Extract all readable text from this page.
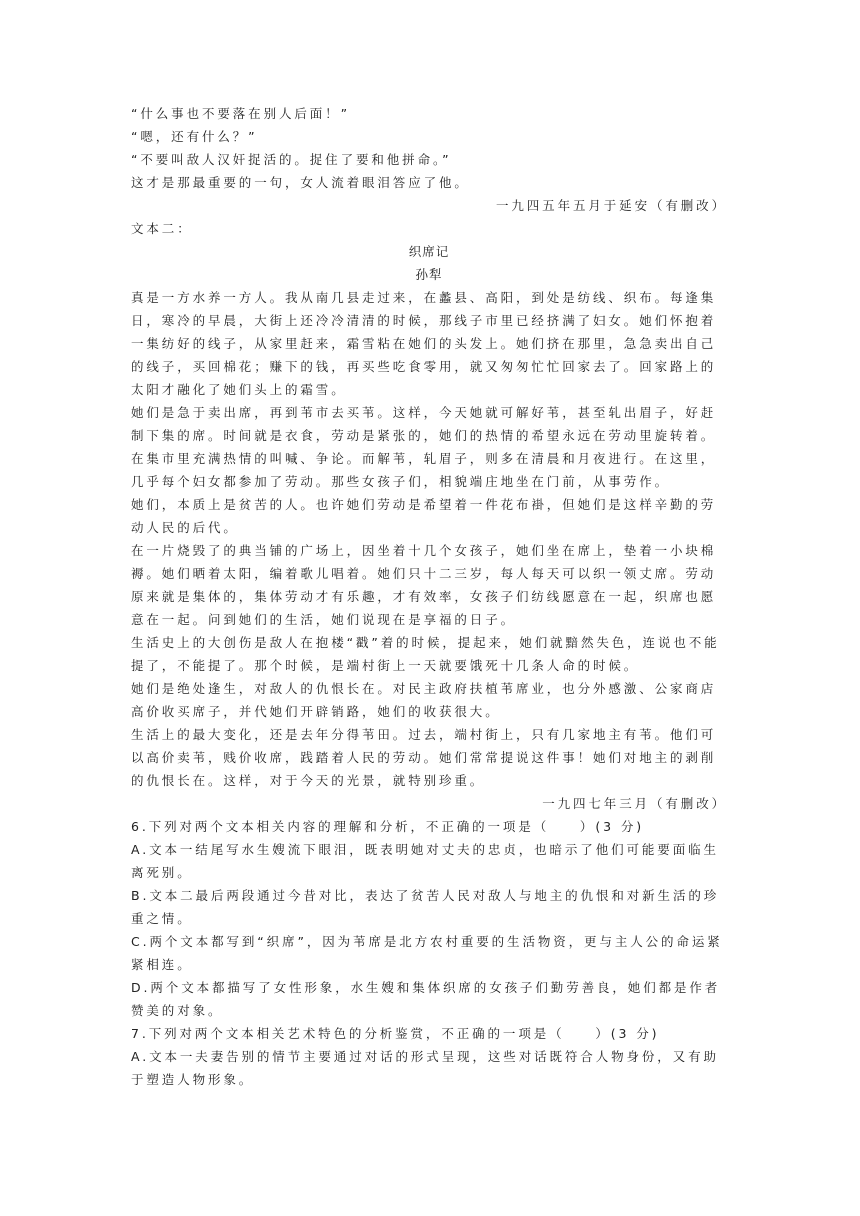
“什么事也不要落在别人后面！”
“嗯，还有什么？”
“不要叫敌人汉奸捉活的。捉住了要和他拼命。”
这才是那最重要的一句，女人流着眼泪答应了他。
一九四五年五月于延安（有删改）
文本二：
织席记
孙犁
真是一方水养一方人。我从南几县走过来，在蠡县、高阳，到处是纺线、织布。每逢集
日，寒冷的早晨，大街上还冷冷清清的时候，那线子市里已经挤满了妇女。她们怀抱着
一集纺好的线子，从家里赶来，霜雪粘在她们的头发上。她们挤在那里，急急卖出自己
的线子，买回棉花；赚下的钱，再买些吃食零用，就又匆匆忙忙回家去了。回家路上的
太阳才融化了她们头上的霜雪。
她们是急于卖出席，再到苇市去买苇。这样，今天她就可解好苇，甚至轧出眉子，好赶
制下集的席。时间就是衣食，劳动是紧张的，她们的热情的希望永远在劳动里旋转着。
在集市里充满热情的叫喊、争论。而解苇，轧眉子，则多在清晨和月夜进行。在这里，
几乎每个妇女都参加了劳动。那些女孩子们，相貌端庄地坐在门前，从事劳作。
她们，本质上是贫苦的人。也许她们劳动是希望着一件花布褂，但她们是这样辛勤的劳
动人民的后代。
在一片烧毁了的典当铺的广场上，因坐着十几个女孩子，她们坐在席上，垫着一小块棉
褥。她们晒着太阳，编着歌儿唱着。她们只十二三岁，每人每天可以织一领丈席。劳动
原来就是集体的，集体劳动才有乐趣，才有效率，女孩子们纺线愿意在一起，织席也愿
意在一起。问到她们的生活，她们说现在是享福的日子。
生活史上的大创伤是敌人在抱楼“戳”着的时候，提起来，她们就黯然失色，连说也不能
提了，不能提了。那个时候，是端村街上一天就要饿死十几条人命的时候。
她们是绝处逢生，对敌人的仇恨长在。对民主政府扶植苇席业，也分外感激、公家商店
高价收买席子，并代她们开辟销路，她们的收获很大。
生活上的最大变化，还是去年分得苇田。过去，端村街上，只有几家地主有苇。他们可
以高价卖苇，贱价收席，践踏着人民的劳动。她们常常提说这件事！她们对地主的剥削
的仇恨长在。这样，对于今天的光景，就特别珍重。
一九四七年三月（有删改）
6.下列对两个文本相关内容的理解和分析，不正确的一项是（　　）(3 分)
A.文本一结尾写水生嫂流下眼泪，既表明她对丈夫的忠贞，也暗示了他们可能要面临生
离死别。
B.文本二最后两段通过今昔对比，表达了贫苦人民对敌人与地主的仇恨和对新生活的珍
重之情。
C.两个文本都写到“织席”，因为苇席是北方农村重要的生活物资，更与主人公的命运紧
紧相连。
D.两个文本都描写了女性形象，水生嫂和集体织席的女孩子们勤劳善良，她们都是作者
赞美的对象。
7.下列对两个文本相关艺术特色的分析鉴赏，不正确的一项是（　　）(3 分)
A.文本一夫妻告别的情节主要通过对话的形式呈现，这些对话既符合人物身份，又有助
于塑造人物形象。
